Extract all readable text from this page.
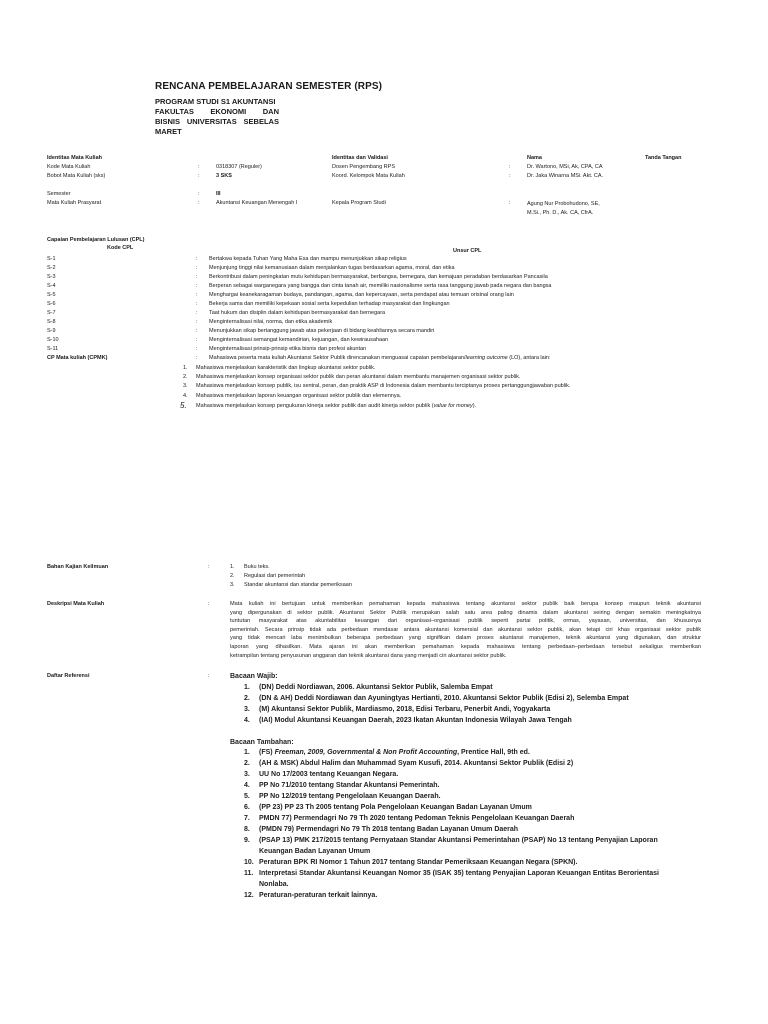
RENCANA PEMBELAJARAN SEMESTER (RPS)
PROGRAM STUDI S1 AKUNTANSI
FAKULTAS EKONOMI DAN
BISNIS UNIVERSITAS SEBELAS
MARET
Identitas Mata Kuliah
Kode Mata Kuliah	:	0318307 (Reguler)
Bobot Mata Kuliah (sks)	:	3 SKS
Semester	:	III
Mata Kuliah Prasyarat	:	Akuntansi Keuangan Menengah I
Identitas dan Validasi	Nama	Tanda Tangan
Dosen Pengembang RPS	:	Dr. Wartono, MSi, Ak, CPA, CA
Koord. Kelompok Mata Kuliah	:	Dr. Jaka Winarna MSi. Akt. CA.
Kepala Program Studi	:	Agung Nur Probohudono, SE, M.Si., Ph. D., Ak. CA, CfrA.
Capaian Pembelajaran Lulusan (CPL)
Kode CPL	Unsur CPL
S-1	: Bertakwa kepada Tuhan Yang Maha Esa dan mampu menunjukkan sikap religius
S-2	: Menjunjung tinggi nilai kemanusiaan dalam menjalankan tugas berdasarkan agama, moral, dan etika
S-3	: Berkontribusi dalam peningkatan mutu kehidupan bermasyarakat, berbangsa, bernegara, dan kemajuan peradaban berdasarkan Pancasila
S-4	: Berperan sebagai warganegara yang bangga dan cinta tanah air, memiliki nasionalisme serta rasa tanggung jawab pada negara dan bangsa
S-5	: Menghargai keanekaragaman budaya, pandangan, agama, dan kepercayaan, serta pendapat atau temuan orisinal orang lain
S-6	: Bekerja sama dan memiliki kepekaan sosial serta kepedulian terhadap masyarakat dan lingkungan
S-7	: Taat hukum dan disiplin dalam kehidupan bermasyarakat dan bernegara
S-8	: Menginternalisasi nilai, norma, dan etika akademik
S-9	: Menunjukkan sikap bertanggung jawab atas pekerjaan di bidang keahliannya secara mandiri
S-10	: Menginternalisasi semangat kemandirian, kejuangan, dan kewirausahaan
S-11	: Menginternalisasi prinsip-prinsip etika bisnis dan profesi akuntan
CP Mata kuliah (CPMK)	: Mahasiswa peserta mata kuliah Akuntansi Sektor Publik direncanakan menguasai capaian pembelajaran/learning outcome (LO), antara lain:
1. Mahasiswa menjelaskan karakteristik dan lingkup akuntansi sektor publik.
2. Mahasiswa menjelaskan konsep organisasi sektor publik dan peran akuntansi dalam membantu manajemen organisasi sektor publik.
3. Mahasiswa menjelaskan konsep publik, isu sentral, peran, dan praktik ASP di Indonesia dalam membantu terciptanya proses pertanggungjawaban publik.
4. Mahasiswa menjelaskan laporan keuangan organisasi sektor publik dan elemennya.
5. Mahasiswa menjelaskan konsep pengukuran kinerja sektor publik dan audit kinerja sektor publik (value for money).
Bahan Kajian Keilmuan	:	1. Buku teks.
2. Regulasi dari pemerintah
3. Standar akuntansi dan standar pemeriksaan
Deskripsi Mata Kuliah	:	Mata kuliah ini bertujuan untuk memberikan pemahaman kepada mahasiswa tentang akuntansi sektor publik baik berupa konsep maupun teknik akuntansi
yang dipergunakan di sektor publik. Akuntansi Sektor Publik merupakan salah satu area paling dinamis dalam akuntansi seiring dengan semakin meningkatnya
tuntutan masyarakat atas akuntabilitas keuangan dari organisasi–organisasi publik seperti partai politik, ormas, yayasan, universitas, dan khususnya
pemerintah. Secara prinsip tidak ada perbedaan mendasar antara akuntansi komersial dan akuntansi sektor publik, akan tetapi ciri khas organisasi sektor publik
yang tidak mencari laba menimbulkan beberapa perbedaan yang signifikan dalam proses akuntansi manajemen, teknik akuntansi yang digunakan, dan struktur
laporan yang dihasilkan. Mata ajaran ini akan memberikan pemahaman kepada mahasiswa tentang perbedaan–perbedaan tersebut sekaligus memberikan
ketrampilan tentang penyusunan anggaran dan teknik akuntansi dana yang menjadi ciri akuntansi sektor publik.
Daftar Referensi	:	Bacaan Wajib:
1. (DN) Deddi Nordiawan, 2006. Akuntansi Sektor Publik, Salemba Empat
2. (DN & AH) Deddi Nordiawan dan Ayuningtyas Hertianti, 2010. Akuntansi Sektor Publik (Edisi 2), Selemba Empat
3. (M) Akuntansi Sektor Publik, Mardiasmo, 2018, Edisi Terbaru, Penerbit Andi, Yogyakarta
4. (IAI) Modul Akuntansi Keuangan Daerah, 2023 Ikatan Akuntan Indonesia Wilayah Jawa Tengah
Bacaan Tambahan:
1. (FS) Freeman, 2009, Governmental & Non Profit Accounting, Prentice Hall, 9th ed.
2. (AH & MSK) Abdul Halim dan Muhammad Syam Kusufi, 2014. Akuntansi Sektor Publik (Edisi 2)
3. UU No 17/2003 tentang Keuangan Negara.
4. PP No 71/2010 tentang Standar Akuntansi Pemerintah.
5. PP No 12/2019 tentang Pengelolaan Keuangan Daerah.
6. (PP 23) PP 23 Th 2005 tentang Pola Pengelolaan Keuangan Badan Layanan Umum
7. PMDN 77) Permendagri No 79 Th 2020 tentang Pedoman Teknis Pengelolaan Keuangan Daerah
8. (PMDN 79) Permendagri No 79 Th 2018 tentang Badan Layanan Umum Daerah
9. (PSAP 13) PMK 217/2015 tentang Pernyataan Standar Akuntansi Pemerintahan (PSAP) No 13 tentang Penyajian Laporan
Keuangan Badan Layanan Umum
10. Peraturan BPK RI Nomor 1 Tahun 2017 tentang Standar Pemeriksaan Keuangan Negara (SPKN).
11. Interpretasi Standar Akuntansi Keuangan Nomor 35 (ISAK 35) tentang Penyajian Laporan Keuangan Entitas Berorientasi
Nonlaba.
12. Peraturan-peraturan terkait lainnya.
